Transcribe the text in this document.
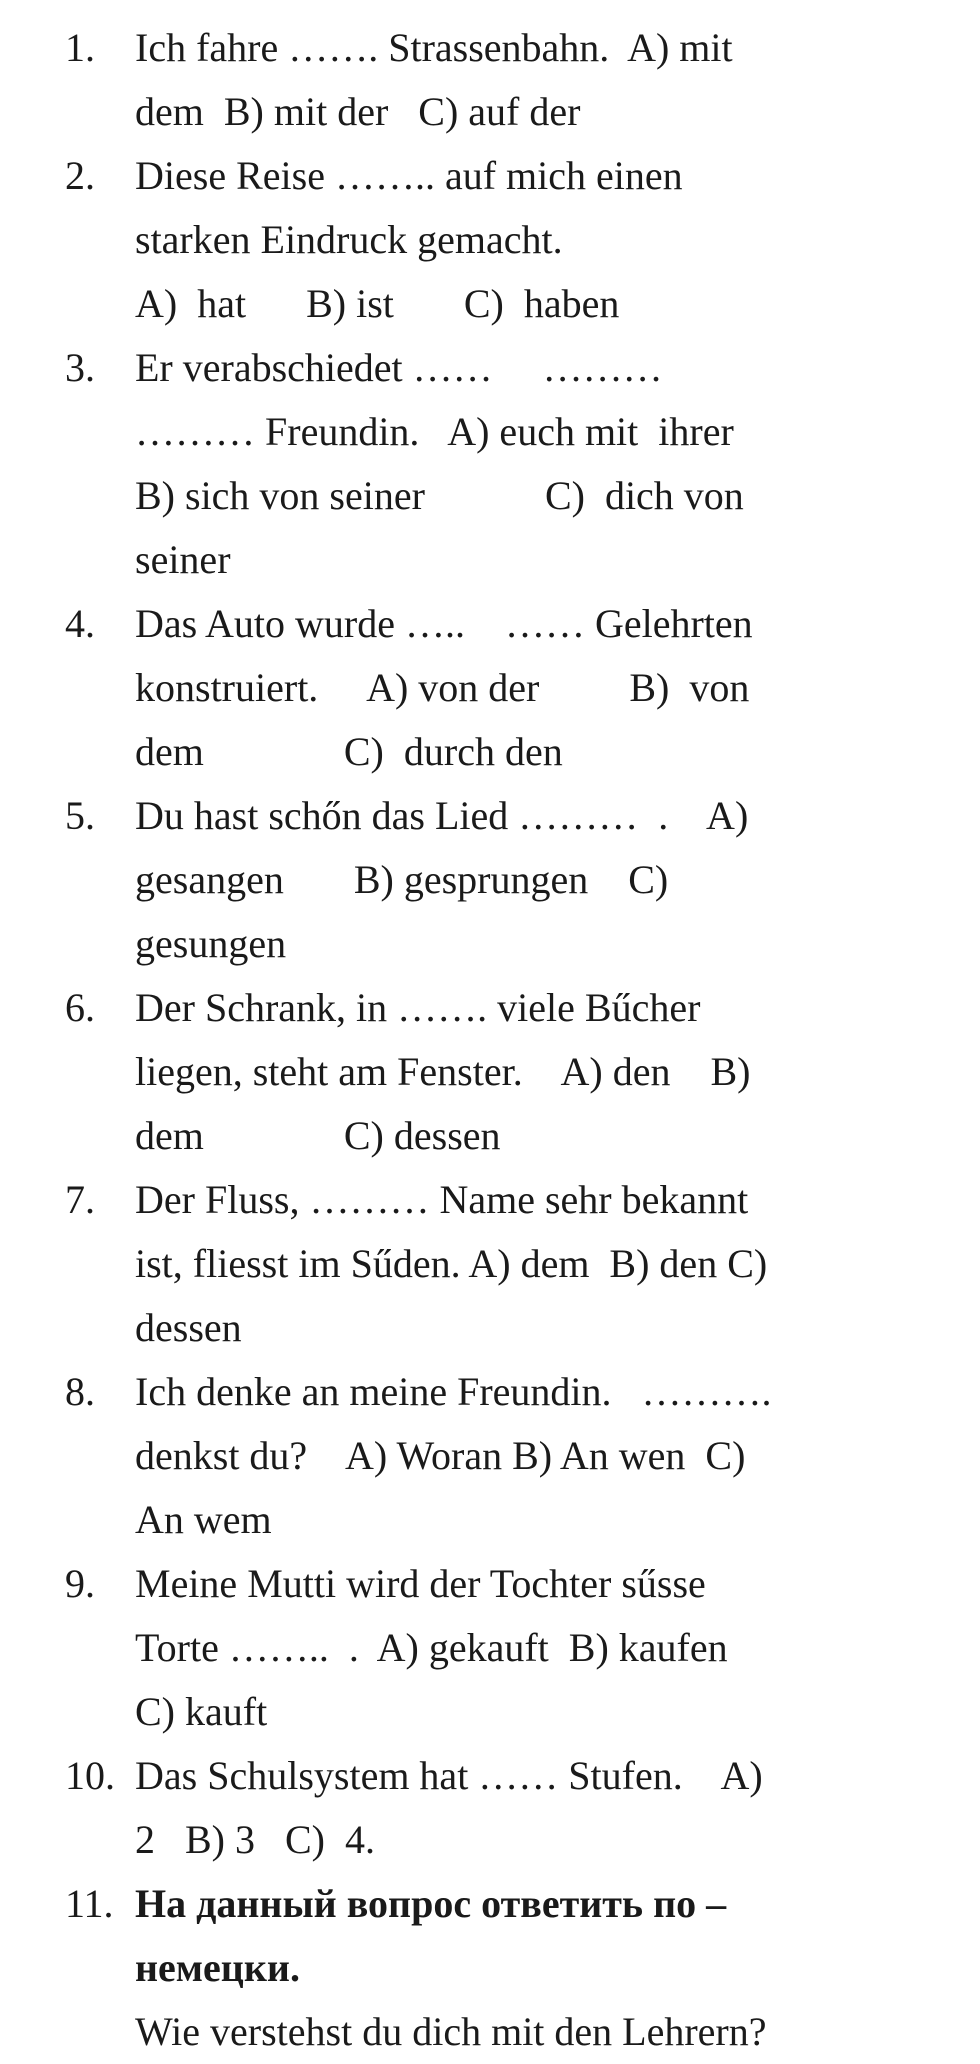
1.	Ich fahre ……. Strassenbahn.  A) mit
dem  B) mit der   C) auf der
2.	Diese Reise …….. auf mich einen
starken Eindruck gemacht.
A)  hat      B) ist       C)  haben
3.	Er verabschiedet ……     ………
……… Freundin.   A) euch mit  ihrer
B) sich von seiner            C)  dich von
seiner
4.	Das Auto wurde …..    …… Gelehrten
konstruiert.     A) von der         B)  von
dem              C)  durch den
5.	Du hast schőn das Lied ………  .    A)
gesangen       B) gesprungen    C)
gesungen
6.	Der Schrank, in ……. viele Bűcher
liegen, steht am Fenster.    A) den    B)
dem              C) dessen
7.	Der Fluss, ……… Name sehr bekannt
ist, fliesst im Sűden. A) dem  B) den C)
dessen
8.	Ich denke an meine Freundin.   ……….
denkst du?    A) Woran B) An wen  C)
An wem
9.	Meine Mutti wird der Tochter sűsse
Torte ……..  .  A) gekauft  B) kaufen
C) kauft
10. Das Schulsystem hat …… Stufen.    A)
2   B) 3   C)  4.
11. На данный вопрос ответить по –
немецки.
Wie verstehst du dich mit den Lehrern?
